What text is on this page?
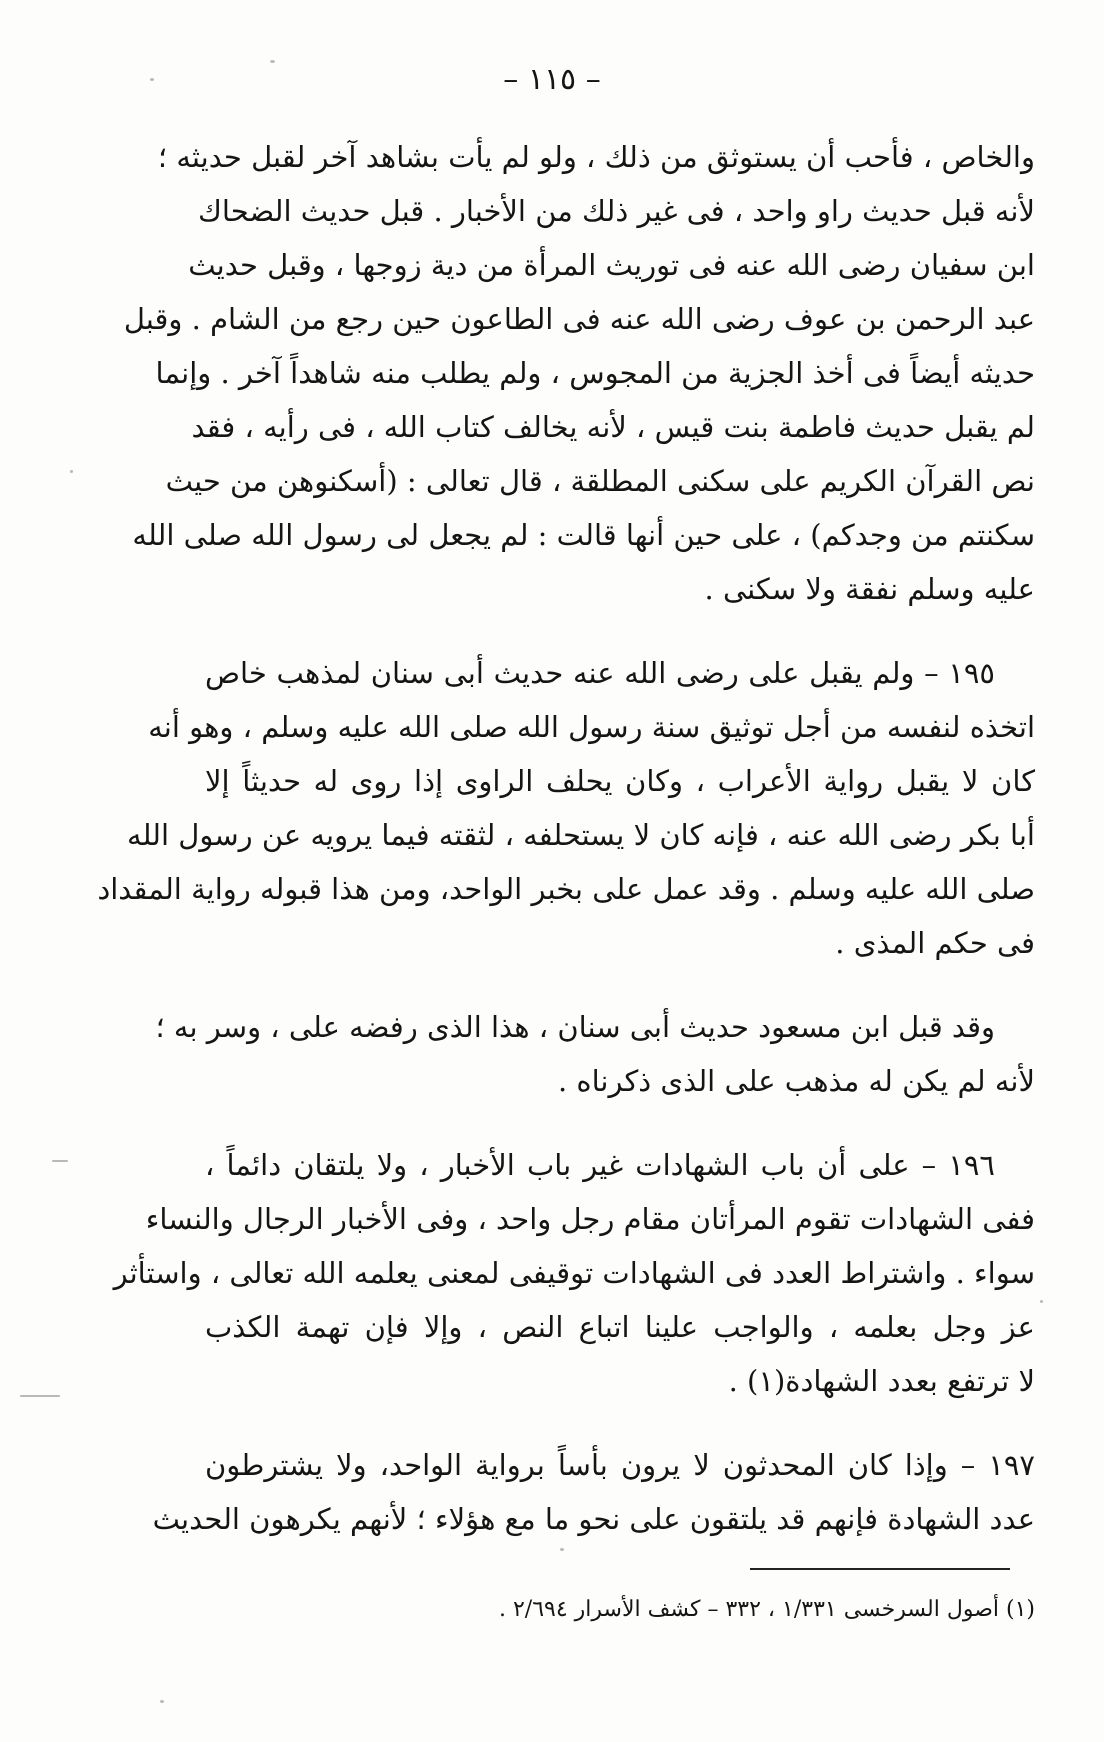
– ١١٥ –
والخاص ، فأحب أن يستوثق من ذلك ، ولو لم يأت بشاهد آخر لقبل حديثه ؛
لأنه قبل حديث راو واحد ، فى غير ذلك من الأخبار . قبل حديث الضحاك
ابن سفيان رضى الله عنه فى توريث المرأة من دية زوجها ، وقبل حديث
عبد الرحمن بن عوف رضى الله عنه فى الطاعون حين رجع من الشام . وقبل
حديثه أيضاً فى أخذ الجزية من المجوس ، ولم يطلب منه شاهداً آخر . وإنما
لم يقبل حديث فاطمة بنت قيس ، لأنه يخالف كتاب الله ، فى رأيه ، فقد
نص القرآن الكريم على سكنى المطلقة ، قال تعالى : (أسكنوهن من حيث
سكنتم من وجدكم) ، على حين أنها قالت : لم يجعل لى رسول الله صلى الله
عليه وسلم نفقة ولا سكنى .
١٩٥ – ولم يقبل على رضى الله عنه حديث أبى سنان لمذهب خاص
اتخذه لنفسه من أجل توثيق سنة رسول الله صلى الله عليه وسلم ، وهو أنه
كان لا يقبل رواية الأعراب ، وكان يحلف الراوى إذا روى له حديثاً إلا
أبا بكر رضى الله عنه ، فإنه كان لا يستحلفه ، لثقته فيما يرويه عن رسول الله
صلى الله عليه وسلم . وقد عمل على بخبر الواحد، ومن هذا قبوله رواية المقداد
فى حكم المذى .
وقد قبل ابن مسعود حديث أبى سنان ، هذا الذى رفضه على ، وسر به ؛
لأنه لم يكن له مذهب على الذى ذكرناه .
١٩٦ – على أن باب الشهادات غير باب الأخبار ، ولا يلتقان دائماً ،
ففى الشهادات تقوم المرأتان مقام رجل واحد ، وفى الأخبار الرجال والنساء
سواء . واشتراط العدد فى الشهادات توقيفى لمعنى يعلمه الله تعالى ، واستأثر
عز وجل بعلمه ، والواجب علينا اتباع النص ، وإلا فإن تهمة الكذب
لا ترتفع بعدد الشهادة(١) .
١٩٧ – وإذا كان المحدثون لا يرون بأساً برواية الواحد، ولا يشترطون
عدد الشهادة فإنهم قد يلتقون على نحو ما مع هؤلاء ؛ لأنهم يكرهون الحديث
(١) أصول السرخسى ١/٣٣١ ، ٣٣٢ – كشف الأسرار ٢/٦٩٤ .
